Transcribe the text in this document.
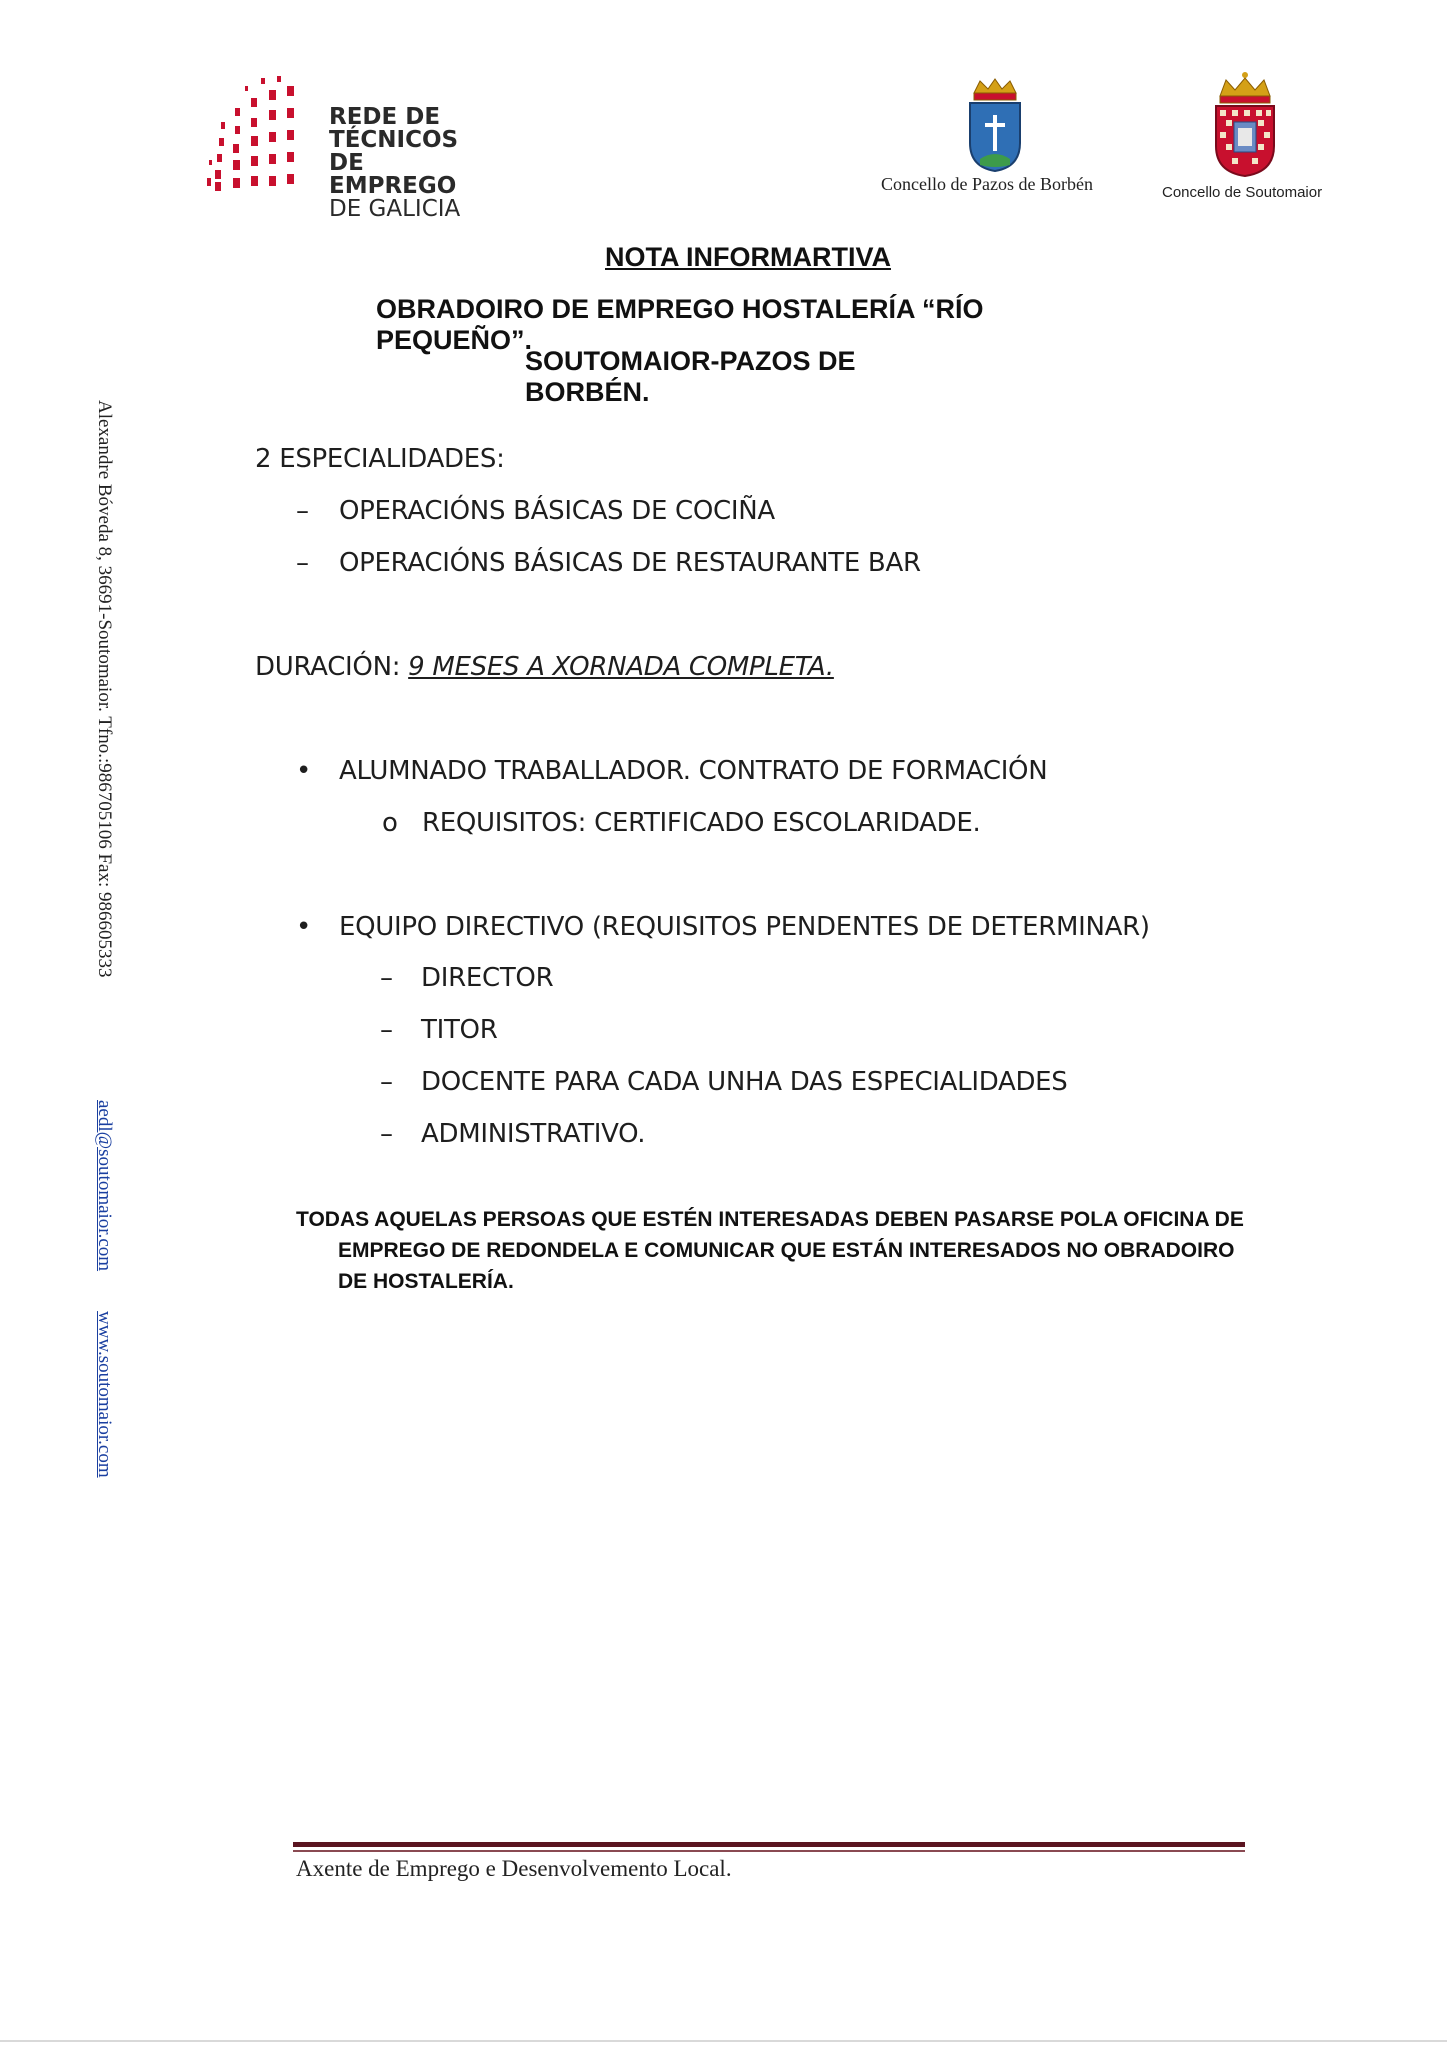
REDE DE
TÉCNICOS
DE EMPREGO
DE GALICIA
Concello de Pazos de Borbén	Concello de Soutomaior
NOTA INFORMARTIVA
OBRADOIRO DE EMPREGO HOSTALERÍA “RÍO PEQUEÑO”.
SOUTOMAIOR-PAZOS DE BORBÉN.
2 ESPECIALIDADES:
– OPERACIÓNS BÁSICAS DE COCIÑA
– OPERACIÓNS BÁSICAS DE RESTAURANTE BAR
DURACIÓN: 9 MESES A XORNADA COMPLETA.
• ALUMNADO TRABALLADOR. CONTRATO DE FORMACIÓN
o REQUISITOS: CERTIFICADO ESCOLARIDADE.
• EQUIPO DIRECTIVO (REQUISITOS PENDENTES DE DETERMINAR)
– DIRECTOR
– TITOR
– DOCENTE PARA CADA UNHA DAS ESPECIALIDADES
– ADMINISTRATIVO.
TODAS AQUELAS PERSOAS QUE ESTÉN INTERESADAS DEBEN PASARSE POLA OFICINA DE
EMPREGO DE REDONDELA E COMUNICAR QUE ESTÁN INTERESADOS NO OBRADOIRO
DE HOSTALERÍA.
Alexandre Bóveda 8, 36691-Soutomaior. Tfno.:986705106 Fax: 986605333
aedl@soutomaior.comwww.soutomaior.com
Axente de Emprego e Desenvolvemento Local.
